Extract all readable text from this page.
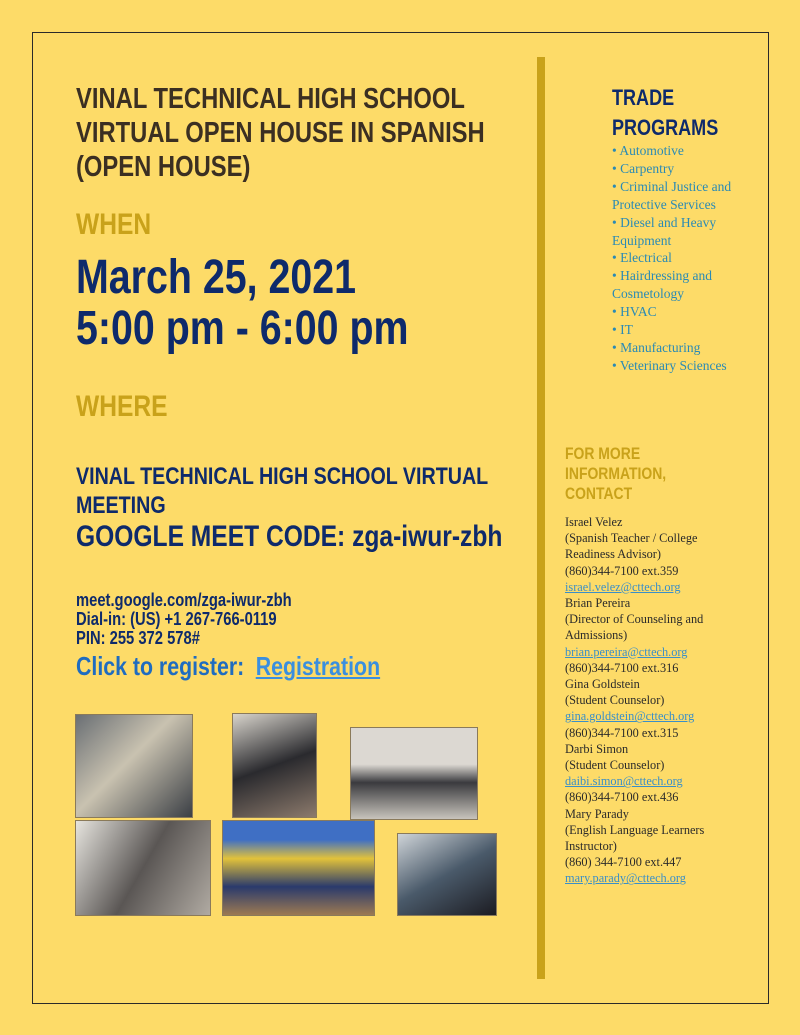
VINAL TECHNICAL HIGH SCHOOL
VIRTUAL OPEN HOUSE IN SPANISH
(OPEN HOUSE)
WHEN
March 25, 2021
5:00 pm - 6:00 pm
WHERE
VINAL TECHNICAL HIGH SCHOOL VIRTUAL
MEETING
GOOGLE MEET CODE: zga-iwur-zbh
meet.google.com/zga-iwur-zbh
Dial-in: (US) +1 267-766-0119
PIN: 255 372 578#
Click to register: Registration
TRADE
PROGRAMS
• Automotive
• Carpentry
• Criminal Justice and Protective Services
• Diesel and Heavy Equipment
• Electrical
• Hairdressing and Cosmetology
• HVAC
• IT
• Manufacturing
• Veterinary Sciences
FOR MORE
INFORMATION,
CONTACT
Israel Velez
(Spanish Teacher / College
Readiness Advisor)
(860)344-7100 ext.359
israel.velez@cttech.org
Brian Pereira
(Director of Counseling and
Admissions)
brian.pereira@cttech.org
(860)344-7100 ext.316
Gina Goldstein
(Student Counselor)
gina.goldstein@cttech.org
(860)344-7100 ext.315
Darbi Simon
(Student Counselor)
daibi.simon@cttech.org
(860)344-7100 ext.436
Mary Parady
(English Language Learners
Instructor)
(860) 344-7100 ext.447
mary.parady@cttech.org
